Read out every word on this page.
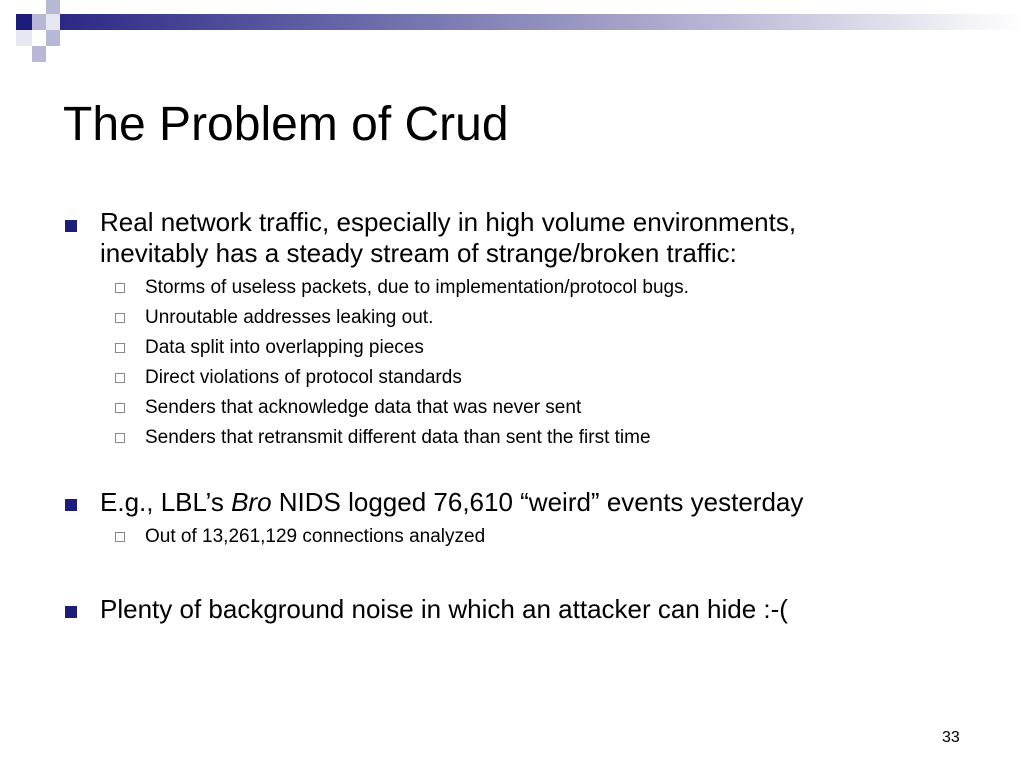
The Problem of Crud
Real network traffic, especially in high volume environments,
inevitably has a steady stream of strange/broken traffic:
Storms of useless packets, due to implementation/protocol bugs.
Unroutable addresses leaking out.
Data split into overlapping pieces
Direct violations of protocol standards
Senders that acknowledge data that was never sent
Senders that retransmit different data than sent the first time
E.g., LBL’s Bro NIDS logged 76,610 “weird” events yesterday
Out of 13,261,129 connections analyzed
Plenty of background noise in which an attacker can hide :-(
33
